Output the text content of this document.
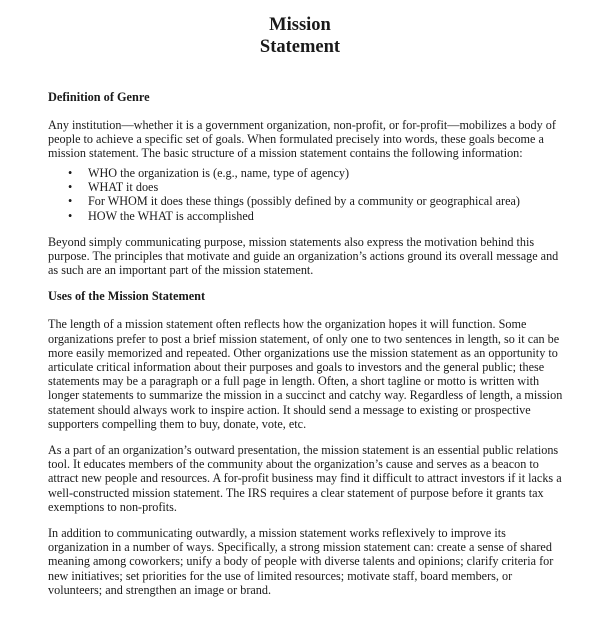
Mission
Statement
Definition of Genre

Any institution—whether it is a government organization, non-profit, or for-profit—mobilizes a body of people to achieve a specific set of goals. When formulated precisely into words, these goals become a mission statement. The basic structure of a mission statement contains the following information:

• WHO the organization is (e.g., name, type of agency)
• WHAT it does
• For WHOM it does these things (possibly defined by a community or geographical area)
• HOW the WHAT is accomplished

Beyond simply communicating purpose, mission statements also express the motivation behind this purpose. The principles that motivate and guide an organization’s actions ground its overall message and as such are an important part of the mission statement.

Uses of the Mission Statement

The length of a mission statement often reflects how the organization hopes it will function. Some organizations prefer to post a brief mission statement, of only one to two sentences in length, so it can be more easily memorized and repeated. Other organizations use the mission statement as an opportunity to articulate critical information about their purposes and goals to investors and the general public; these statements may be a paragraph or a full page in length. Often, a short tagline or motto is written with longer statements to summarize the mission in a succinct and catchy way. Regardless of length, a mission statement should always work to inspire action. It should send a message to existing or prospective supporters compelling them to buy, donate, vote, etc.

As a part of an organization’s outward presentation, the mission statement is an essential public relations tool. It educates members of the community about the organization’s cause and serves as a beacon to attract new people and resources. A for-profit business may find it difficult to attract investors if it lacks a well-constructed mission statement. The IRS requires a clear statement of purpose before it grants tax exemptions to non-profits.

In addition to communicating outwardly, a mission statement works reflexively to improve its organization in a number of ways. Specifically, a strong mission statement can: create a sense of shared meaning among coworkers; unify a body of people with diverse talents and opinions; clarify criteria for new initiatives; set priorities for the use of limited resources; motivate staff, board members, or volunteers; and strengthen an image or brand.
